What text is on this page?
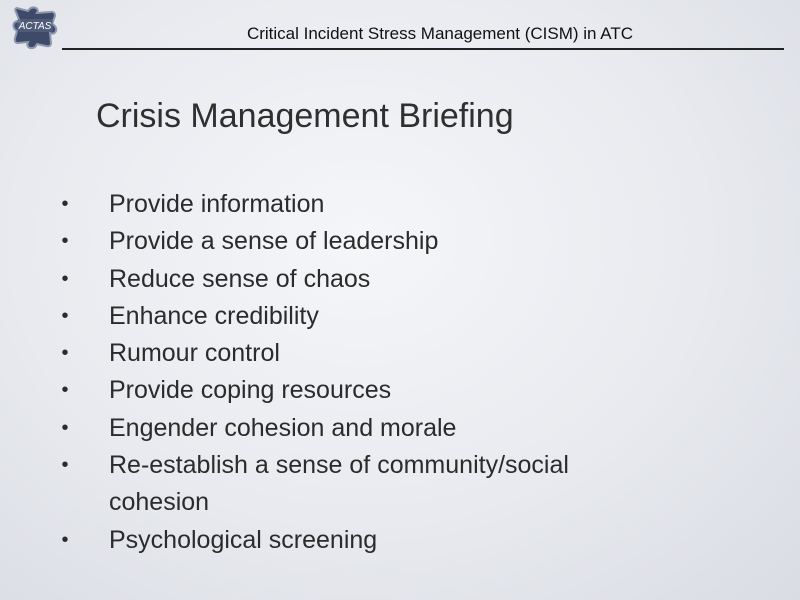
ACTAS	Critical Incident Stress Management (CISM) in ATC
Crisis Management Briefing
• Provide information
• Provide a sense of leadership
• Reduce sense of chaos
• Enhance credibility
• Rumour control
• Provide coping resources
• Engender cohesion and morale
• Re-establish a sense of community/social cohesion
• Psychological screening
